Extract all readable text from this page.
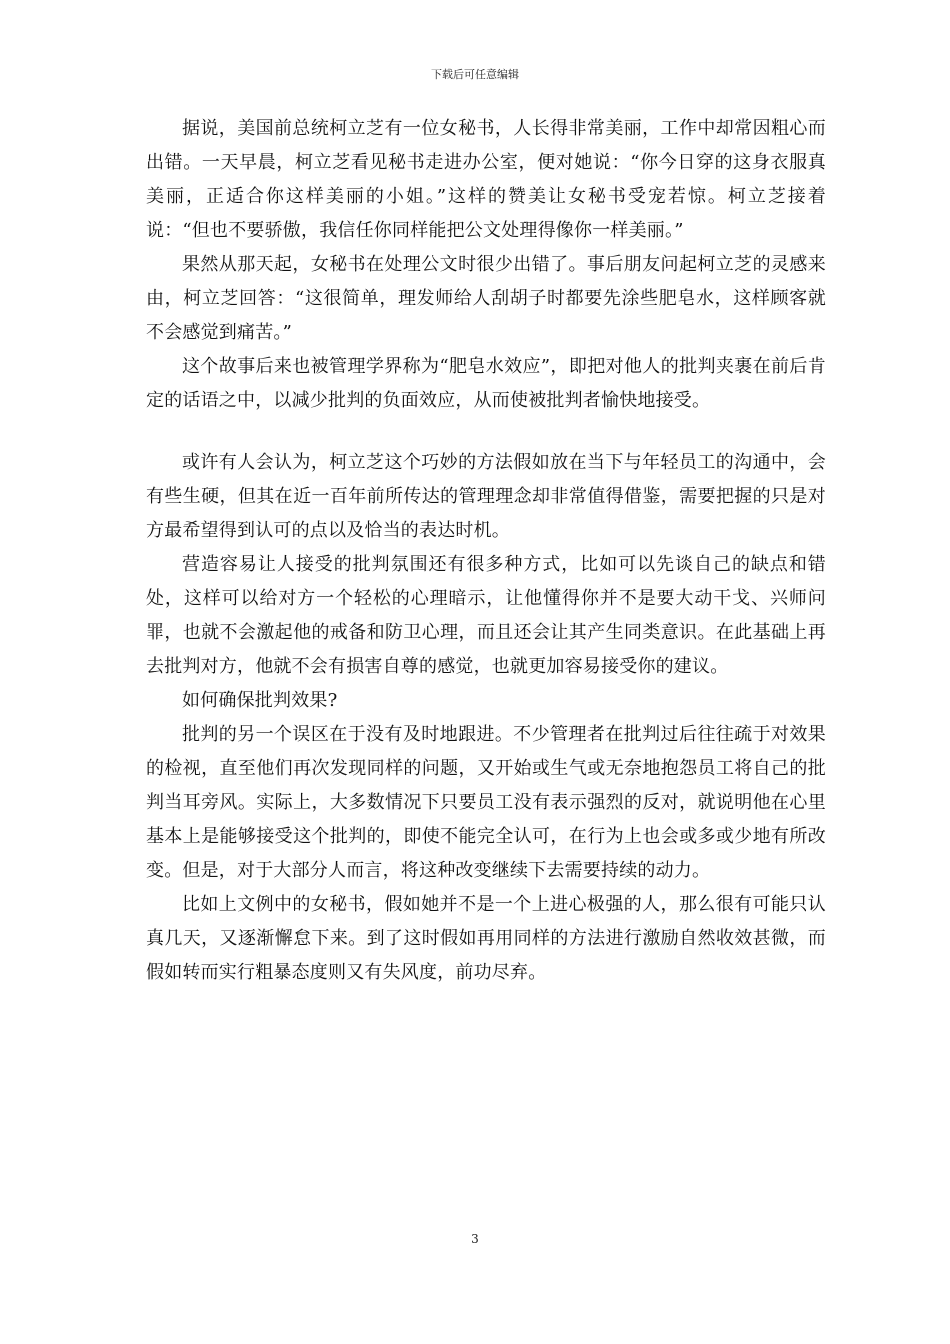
下载后可任意编辑

据说，美国前总统柯立芝有一位女秘书，人长得非常美丽，工作中却常因粗心而出错。一天早晨，柯立芝看见秘书走进办公室，便对她说：“你今日穿的这身衣服真美丽，正适合你这样美丽的小姐。”这样的赞美让女秘书受宠若惊。柯立芝接着说：“但也不要骄傲，我信任你同样能把公文处理得像你一样美丽。”

果然从那天起，女秘书在处理公文时很少出错了。事后朋友问起柯立芝的灵感来由，柯立芝回答：“这很简单，理发师给人刮胡子时都要先涂些肥皂水，这样顾客就不会感觉到痛苦。”

这个故事后来也被管理学界称为“肥皂水效应”，即把对他人的批判夹裹在前后肯定的话语之中，以减少批判的负面效应，从而使被批判者愉快地接受。

或许有人会认为，柯立芝这个巧妙的方法假如放在当下与年轻员工的沟通中，会有些生硬，但其在近一百年前所传达的管理理念却非常值得借鉴，需要把握的只是对方最希望得到认可的点以及恰当的表达时机。

营造容易让人接受的批判氛围还有很多种方式，比如可以先谈自己的缺点和错处，这样可以给对方一个轻松的心理暗示，让他懂得你并不是要大动干戈、兴师问罪，也就不会激起他的戒备和防卫心理，而且还会让其产生同类意识。在此基础上再去批判对方，他就不会有损害自尊的感觉，也就更加容易接受你的建议。

如何确保批判效果?

批判的另一个误区在于没有及时地跟进。不少管理者在批判过后往往疏于对效果的检视，直至他们再次发现同样的问题，又开始或生气或无奈地抱怨员工将自己的批判当耳旁风。实际上，大多数情况下只要员工没有表示强烈的反对，就说明他在心里基本上是能够接受这个批判的，即使不能完全认可，在行为上也会或多或少地有所改变。但是，对于大部分人而言，将这种改变继续下去需要持续的动力。

比如上文例中的女秘书，假如她并不是一个上进心极强的人，那么很有可能只认真几天，又逐渐懈怠下来。到了这时假如再用同样的方法进行激励自然收效甚微，而假如转而实行粗暴态度则又有失风度，前功尽弃。

3
